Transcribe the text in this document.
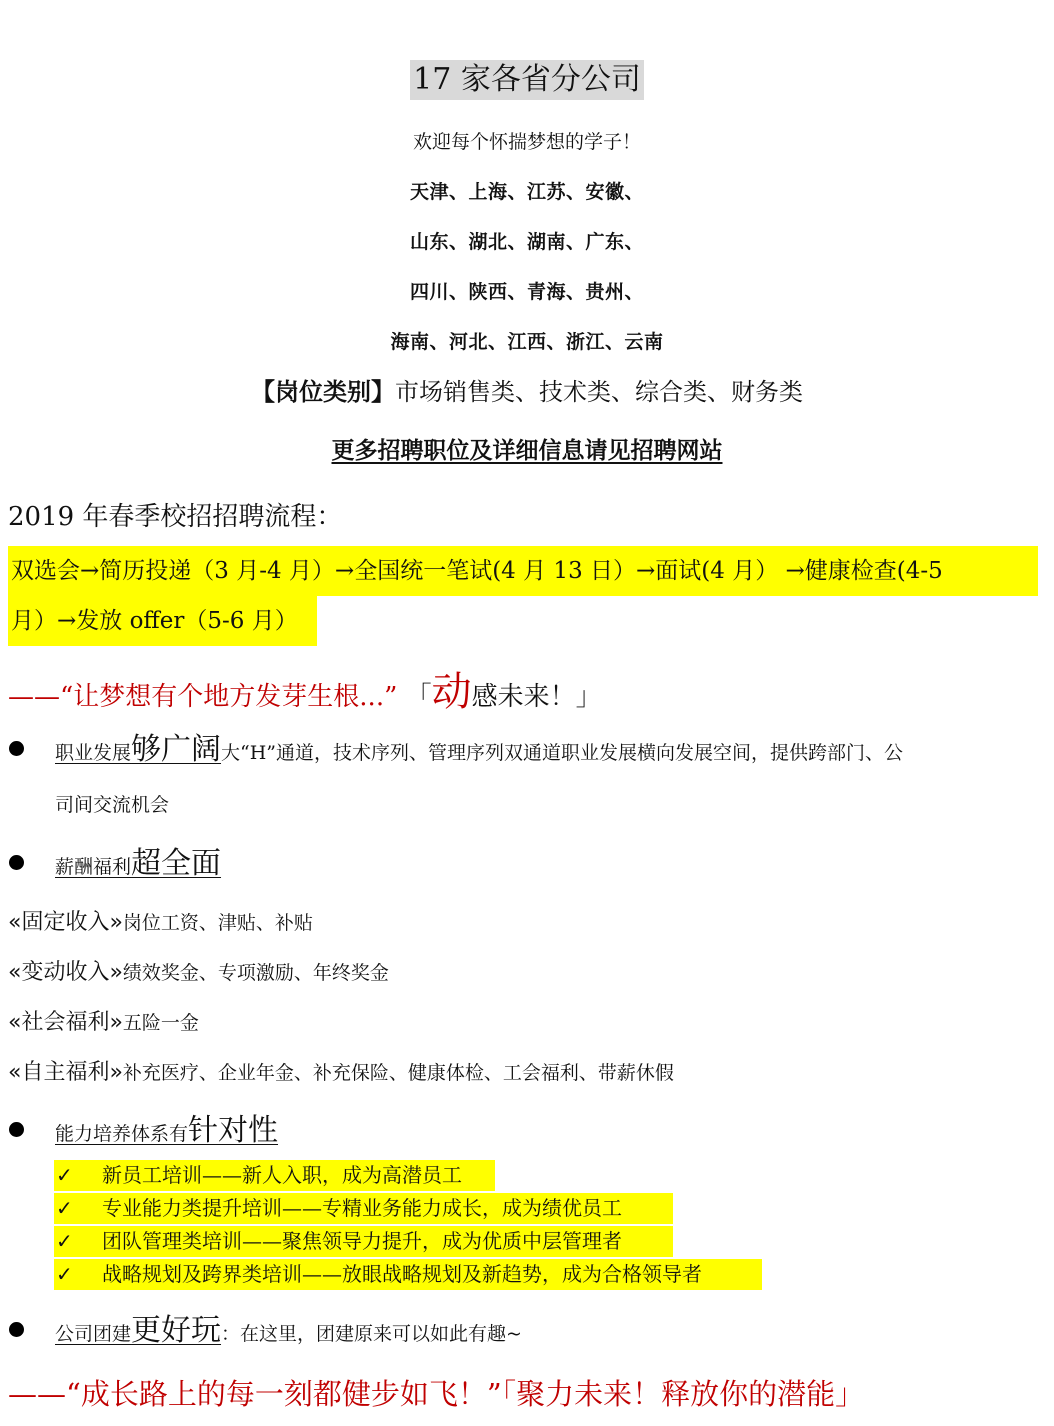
17 家各省分公司
欢迎每个怀揣梦想的学子！
天津、上海、江苏、安徽、
山东、湖北、湖南、广东、
四川、陕西、青海、贵州、
海南、河北、江西、浙江、云南
【岗位类别】市场销售类、技术类、综合类、财务类
更多招聘职位及详细信息请见招聘网站
2019 年春季校招招聘流程：
双选会→简历投递（3 月-4 月）→全国统一笔试(4 月 13 日）→面试(4 月） →健康检查(4-5
月）→发放 offer（5-6 月）
——“让梦想有个地方发芽生根...” 「动感未来！」
职业发展够广阔大“H”通道，技术序列、管理序列双通道职业发展横向发展空间，提供跨部门、公
司间交流机会
薪酬福利超全面
«固定收入»岗位工资、津贴、补贴
«变动收入»绩效奖金、专项激励、年终奖金
«社会福利»五险一金
«自主福利»补充医疗、企业年金、补充保险、健康体检、工会福利、带薪休假
能力培养体系有针对性
✓ 新员工培训——新人入职，成为高潜员工
✓ 专业能力类提升培训——专精业务能力成长，成为绩优员工
✓ 团队管理类培训——聚焦领导力提升，成为优质中层管理者
✓ 战略规划及跨界类培训——放眼战略规划及新趋势，成为合格领导者
公司团建更好玩：在这里，团建原来可以如此有趣~
——“成长路上的每一刻都健步如飞！”「聚力未来！释放你的潜能」
